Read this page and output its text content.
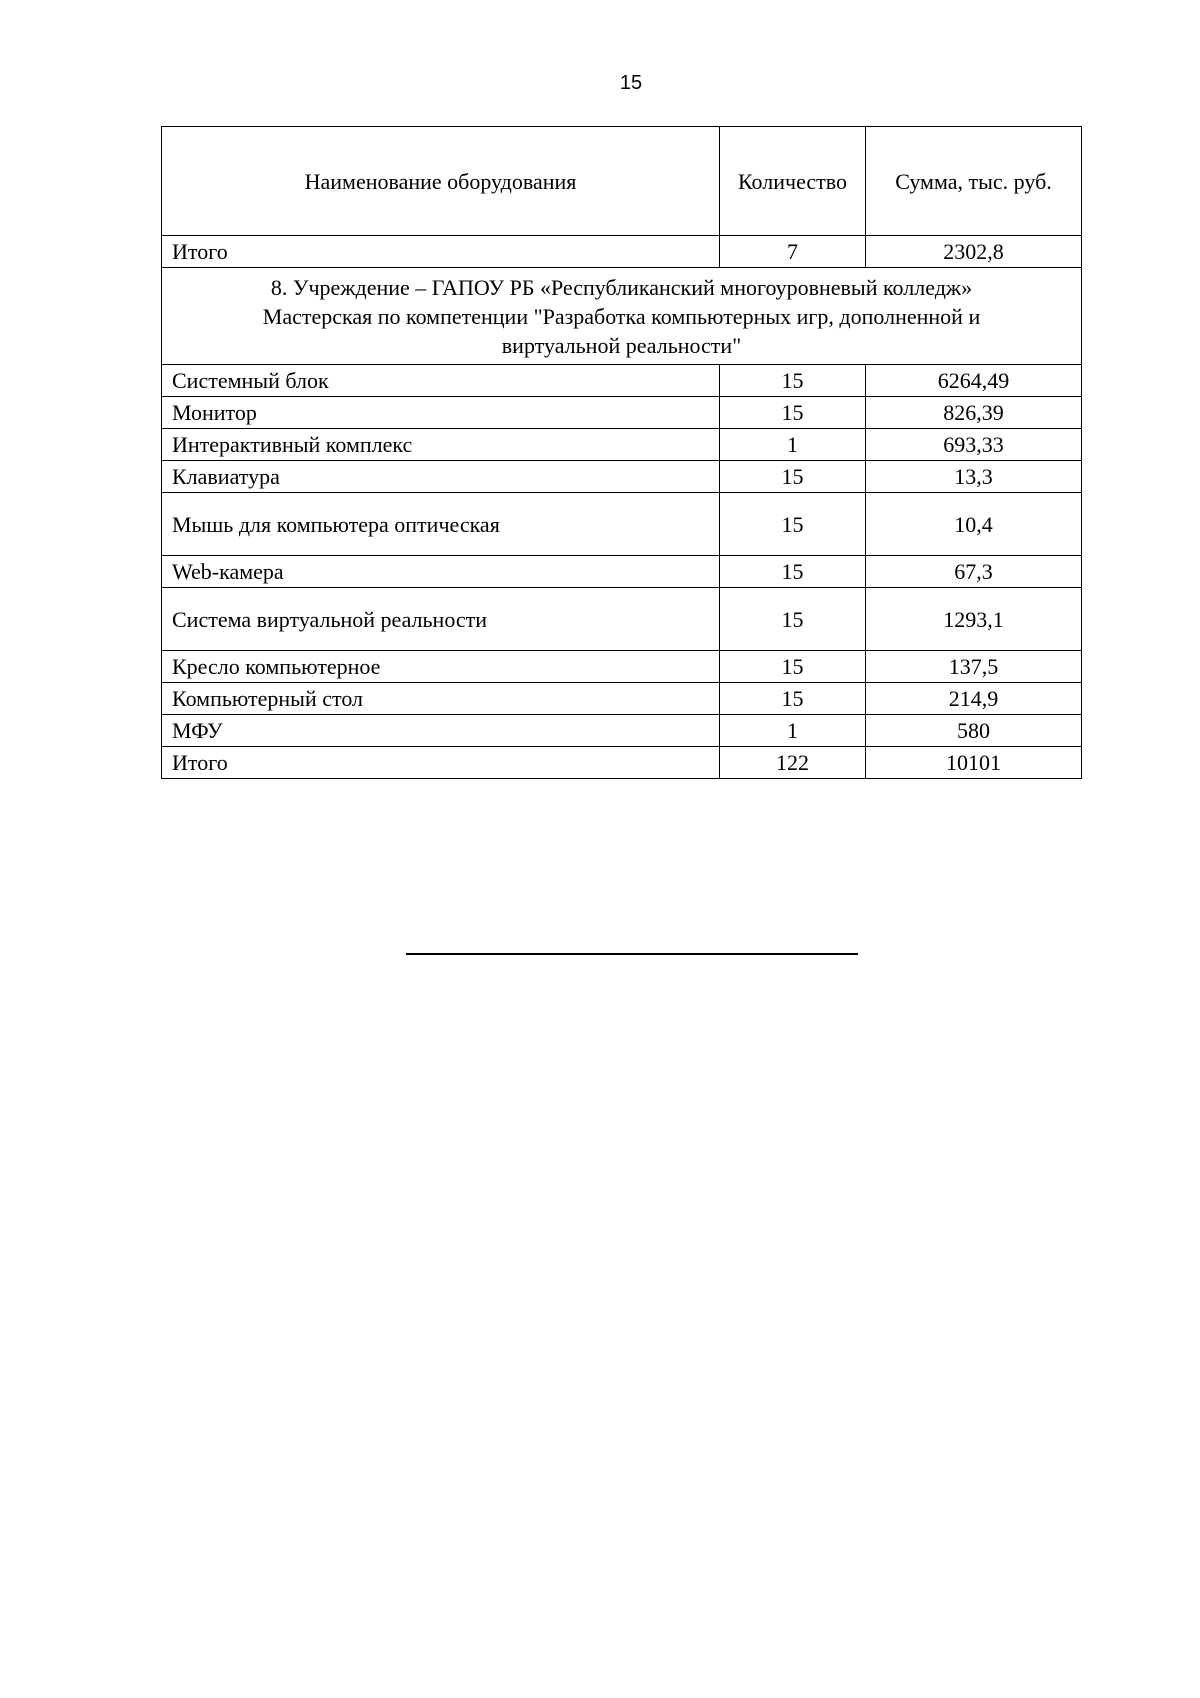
15
Наименование оборудования	Количество	Сумма, тыс. руб.
Итого	7	2302,8

8. Учреждение – ГАПОУ РБ «Республиканский многоуровневый колледж»
Мастерская по компетенции "Разработка компьютерных игр, дополненной и
виртуальной реальности"		

Системный блок	15	6264,49
Монитор	15	826,39
Интерактивный комплекс	1	693,33
Клавиатура	15	13,3
Мышь для компьютера оптическая	15	10,4
Web-камера	15	67,3
Система виртуальной реальности	15	1293,1
Кресло компьютерное	15	137,5
Компьютерный стол	15	214,9
МФУ	1	580
Итого	122	10101
